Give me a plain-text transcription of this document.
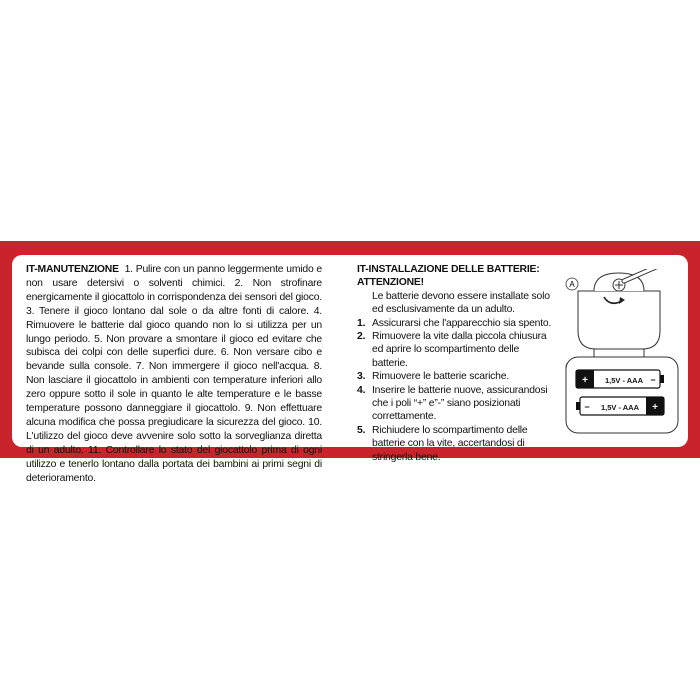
IT-MANUTENZIONE 1. Pulire con un panno leggermente umido e non usare detersivi o solventi chimici. 2. Non strofinare energicamente il giocattolo in corrispondenza dei sensori del gioco. 3. Tenere il gioco lontano dal sole o da altre fonti di calore. 4. Rimuovere le batterie dal gioco quando non lo si utilizza per un lungo periodo. 5. Non provare a smontare il gioco ed evitare che subisca dei colpi con delle superfici dure. 6. Non versare cibo e bevande sulla console. 7. Non immergere il gioco nell'acqua. 8. Non lasciare il giocattolo in ambienti con temperature inferiori allo zero oppure sotto il sole in quanto le alte temperature e le basse temperature possono danneggiare il giocattolo. 9. Non effettuare alcuna modifica che possa pregiudicare la sicurezza del gioco. 10. L'utilizzo del gioco deve avvenire solo sotto la sorveglianza diretta di un adulto. 11. Controllare lo stato del giocattolo prima di ogni utilizzo e tenerlo lontano dalla portata dei bambini ai primi segni di deterioramento.
IT-INSTALLAZIONE DELLE BATTERIE:
ATTENZIONE!
Le batterie devono essere installate solo ed esclusivamente da un adulto.
1. Assicurarsi che l'apparecchio sia spento.
2. Rimuovere la vite dalla piccola chiusura ed aprire lo scompartimento delle batterie.
3. Rimuovere le batterie scariche.
4. Inserire le batterie nuove, assicurandosi che i poli “+” e”-” siano posizionati correttamente.
5. Richiudere lo scompartimento delle batterie con la vite, accertandosi di stringerla bene.
A
+ 1,5V - AAA −
− 1,5V - AAA +
